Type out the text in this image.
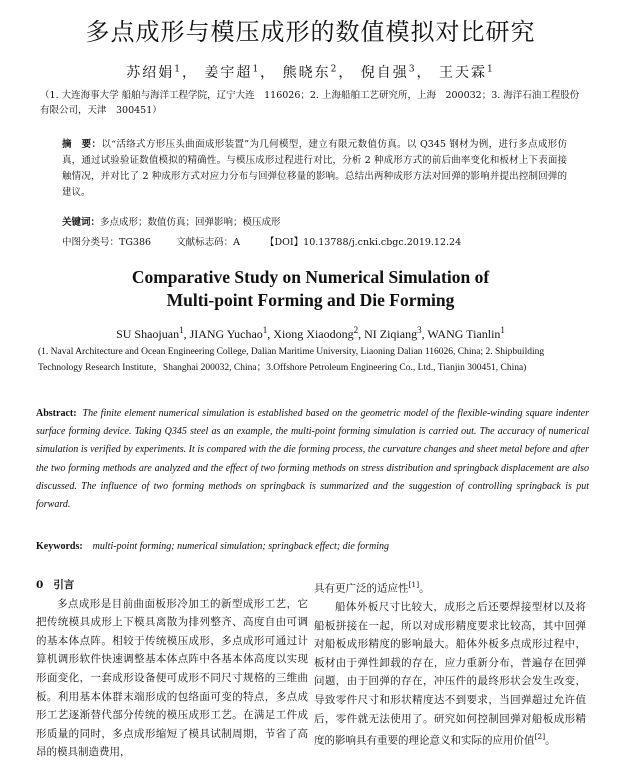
多点成形与模压成形的数值模拟对比研究
苏绍娟$^1$， 姜宇超$^1$， 熊晓东$^2$， 倪自强$^3$， 王天霖$^1$
（1. 大连海事大学 船舶与海洋工程学院，辽宁大连　116026；2. 上海船舶工艺研究所，上海　200032；3. 海洋石油工程股份有限公司，天津　300451）
摘　要：以“活络式方形压头曲面成形装置”为几何模型，建立有限元数值仿真。以 Q345 钢材为例，进行多点成形仿真，通过试验验证数值模拟的精确性。与模压成形过程进行对比，分析 2 种成形方式的前后曲率变化和板材上下表面接触情况，并对比了 2 种成形方式对应力分布与回弹位移量的影响。总结出两种成形方法对回弹的影响并提出控制回弹的建议。
关键词：多点成形；数值仿真；回弹影响；模压成形
中图分类号：TG386	文献标志码：A	【DOI】10.13788/j.cnki.cbgc.2019.12.24
Comparative Study on Numerical Simulation of
Multi-point Forming and Die Forming
SU Shaojuan$^1$, JIANG Yuchao$^1$, Xiong Xiaodong$^2$, NI Ziqiang$^3$, WANG Tianlin$^1$
(1. Naval Architecture and Ocean Engineering College, Dalian Maritime University, Liaoning Dalian 116026, China; 2. Shipbuilding Technology Research Institute，Shanghai 200032, China；3.Offshore Petroleum Engineering Co., Ltd., Tianjin 300451, China)
Abstract: The finite element numerical simulation is established based on the geometric model of the flexible-winding square indenter surface forming device. Taking Q345 steel as an example, the multi-point forming simulation is carried out. The accuracy of numerical simulation is verified by experiments. It is compared with the die forming process, the curvature changes and sheet metal before and after the two forming methods are analyzed and the effect of two forming methods on stress distribution and springback displacement are also discussed. The influence of two forming methods on springback is summarized and the suggestion of controlling springback is put forward.
Keywords: multi-point forming; numerical simulation; springback effect; die forming
0 引言

多点成形是目前曲面板形冷加工的新型成形工艺，它把传统模具成形上下模具离散为排列整齐、高度自由可调的基本体点阵。相较于传统模压成形，多点成形可通过计算机调形软件快速调整基本体点阵中各基本体高度以实现形面变化，一套成形设备便可成形不同尺寸规格的三维曲板。利用基本体群末端形成的包络面可变的特点，多点成形工艺逐渐替代部分传统的模压成形工艺。在满足工件成形质量的同时，多点成形缩短了模具试制周期，节省了高昂的模具制造费用，

具有更广泛的适应性[1]。

船体外板尺寸比较大，成形之后还要焊接型材以及将船板拼接在一起，所以对成形精度要求比较高，其中回弹对船板成形精度的影响最大。船体外板多点成形过程中，板材由于弹性卸载的存在，应力重新分布，普遍存在回弹问题，由于回弹的存在，冲压件的最终形状会发生改变，导致零件尺寸和形状精度达不到要求，当回弹超过允许值后，零件就无法使用了。研究如何控制回弹对船板成形精度的影响具有重要的理论意义和实际的应用价值[2]。
